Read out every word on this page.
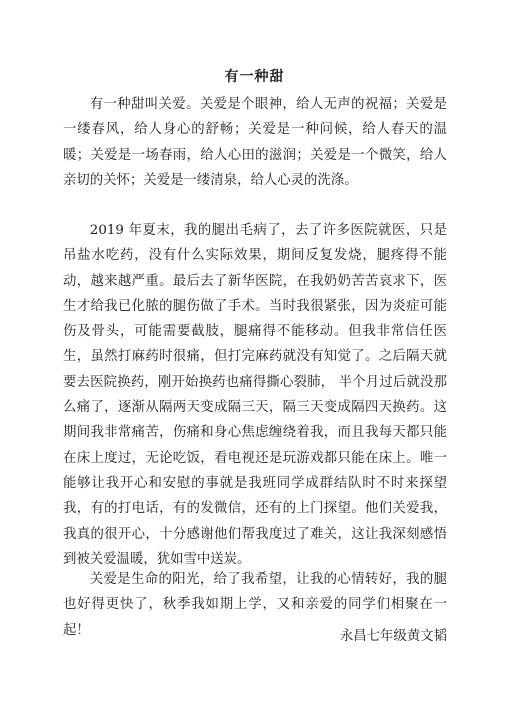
有一种甜

有一种甜叫关爱。关爱是个眼神，给人无声的祝福；关爱是一缕春风，给人身心的舒畅；关爱是一种问候，给人春天的温暖；关爱是一场春雨，给人心田的滋润；关爱是一个微笑，给人亲切的关怀；关爱是一缕清泉，给人心灵的洗涤。

2019 年夏末，我的腿出毛病了，去了许多医院就医，只是吊盐水吃药，没有什么实际效果，期间反复发烧，腿疼得不能动，越来越严重。最后去了新华医院，在我奶奶苦苦哀求下，医生才给我已化脓的腿伤做了手术。当时我很紧张，因为炎症可能伤及骨头，可能需要截肢，腿痛得不能移动。但我非常信任医生，虽然打麻药时很痛，但打完麻药就没有知觉了。之后隔天就要去医院换药，刚开始换药也痛得撕心裂肺， 半个月过后就没那么痛了，逐渐从隔两天变成隔三天，隔三天变成隔四天换药。这期间我非常痛苦，伤痛和身心焦虑缠绕着我，而且我每天都只能在床上度过，无论吃饭，看电视还是玩游戏都只能在床上。唯一能够让我开心和安慰的事就是我班同学成群结队时不时来探望我，有的打电话，有的发微信，还有的上门探望。他们关爱我，我真的很开心，十分感谢他们帮我度过了难关，这让我深刻感悟到被关爱温暖，犹如雪中送炭。

关爱是生命的阳光，给了我希望，让我的心情转好，我的腿也好得更快了，秋季我如期上学，又和亲爱的同学们相聚在一起！	永昌七年级黄文韬
